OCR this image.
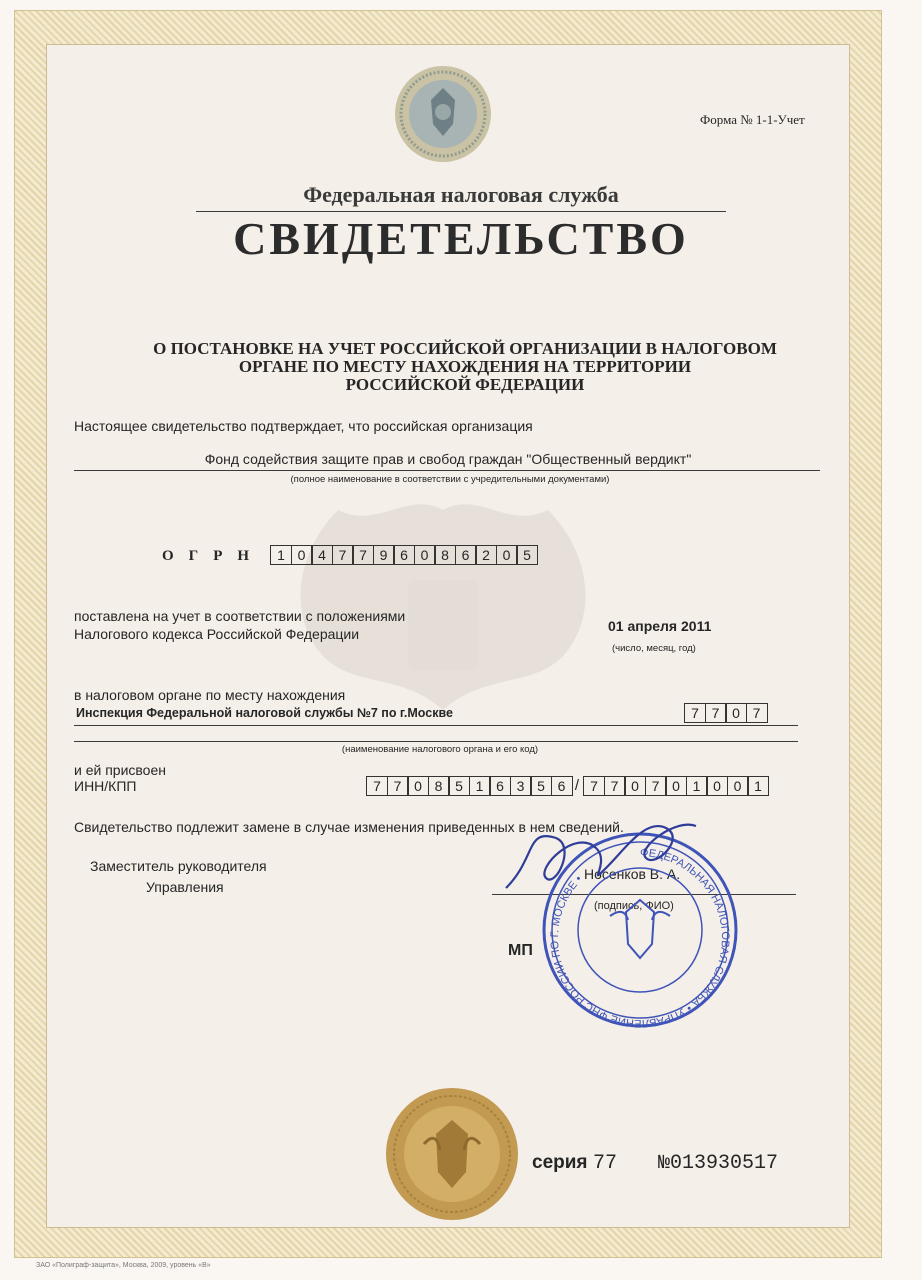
Форма № 1-1-Учет

Федеральная налоговая служба

СВИДЕТЕЛЬСТВО

О ПОСТАНОВКЕ НА УЧЕТ РОССИЙСКОЙ ОРГАНИЗАЦИИ В НАЛОГОВОМ
ОРГАНЕ ПО МЕСТУ НАХОЖДЕНИЯ НА ТЕРРИТОРИИ
РОССИЙСКОЙ ФЕДЕРАЦИИ

Настоящее свидетельство подтверждает, что российская организация

Фонд содействия защите прав и свобод граждан "Общественный вердикт"

(полное наименование в соответствии с учредительными документами)

ОГРН 1 0 4 7 7 9 6 0 8 6 2 0 5

поставлена на учет в соответствии с положениями

Налогового кодекса Российской Федерации	01 апреля 2011

(число, месяц, год)

в налоговом органе по месту нахождения

Инспекция Федеральной налоговой службы №7 по г.Москве	7 7 0 7

(наименование налогового органа и его код)

и ей присвоен

ИНН/КПП	7 7 0 8 5 1 6 3 5 6 / 7 7 0 7 0 1 0 0 1

Свидетельство подлежит замене в случае изменения приведенных в нем сведений.

Заместитель руководителя

Управления

Носенков В. А.

(подпись, ФИО)

МП

ФЕДЕРАЛЬНАЯ НАЛОГОВАЯ СЛУЖБА • УПРАВЛЕНИЕ ФНС РОССИИ ПО Г. МОСКВЕ •

серия 77 №013930517

ЗАО «Полиграф-защита», Москва, 2009, уровень «В»
